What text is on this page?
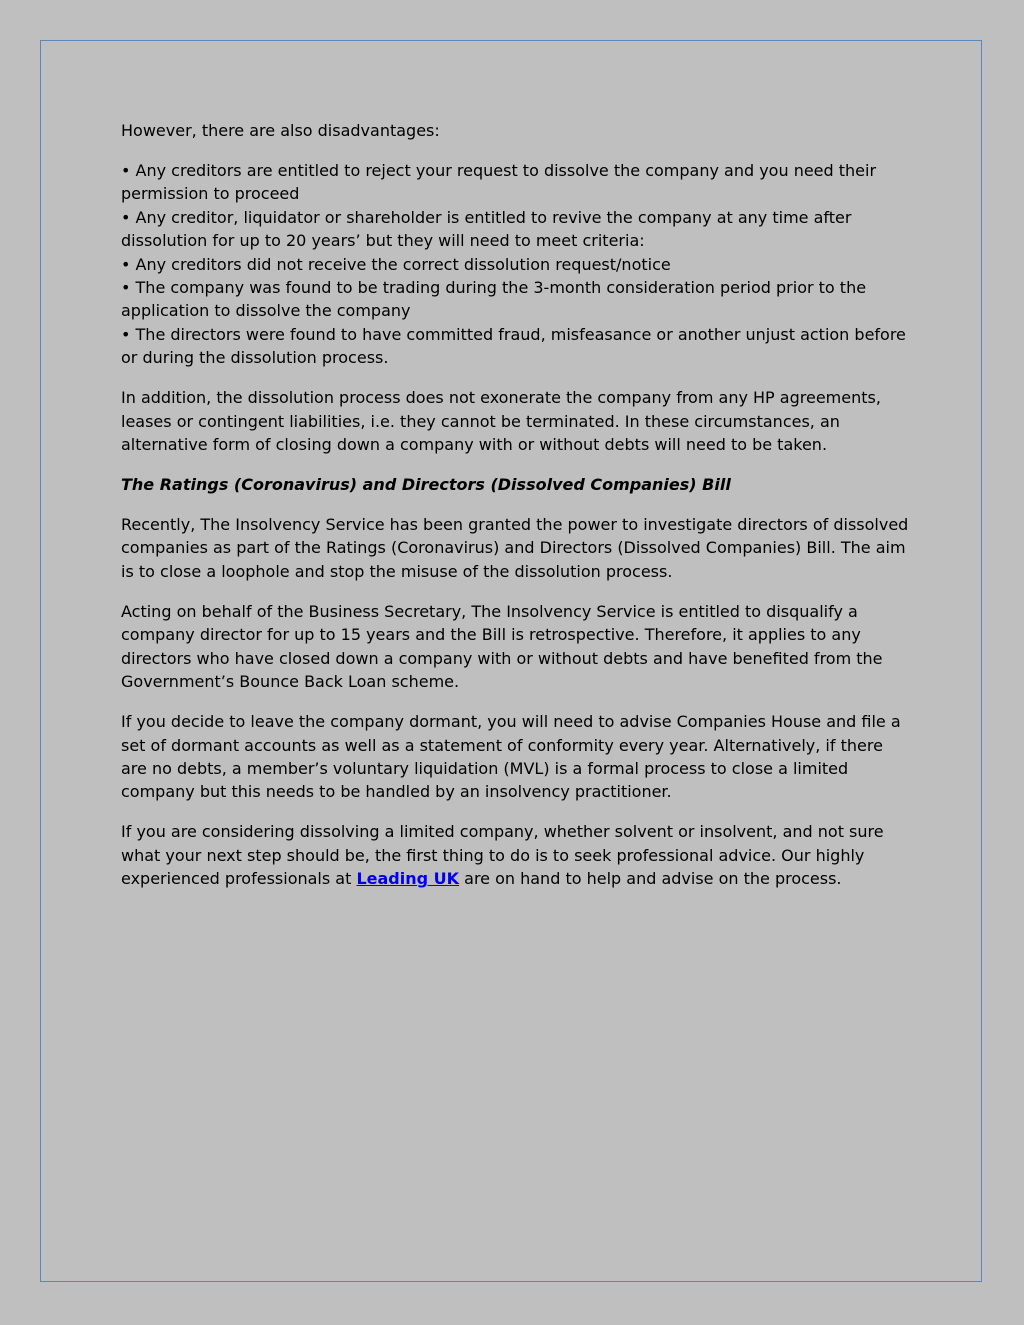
However, there are also disadvantages:

• Any creditors are entitled to reject your request to dissolve the company and you need their permission to proceed
• Any creditor, liquidator or shareholder is entitled to revive the company at any time after dissolution for up to 20 years’ but they will need to meet criteria:
• Any creditors did not receive the correct dissolution request/notice
• The company was found to be trading during the 3-month consideration period prior to the application to dissolve the company
• The directors were found to have committed fraud, misfeasance or another unjust action before or during the dissolution process.

In addition, the dissolution process does not exonerate the company from any HP agreements, leases or contingent liabilities, i.e. they cannot be terminated. In these circumstances, an alternative form of closing down a company with or without debts will need to be taken.

The Ratings (Coronavirus) and Directors (Dissolved Companies) Bill

Recently, The Insolvency Service has been granted the power to investigate directors of dissolved companies as part of the Ratings (Coronavirus) and Directors (Dissolved Companies) Bill. The aim is to close a loophole and stop the misuse of the dissolution process.

Acting on behalf of the Business Secretary, The Insolvency Service is entitled to disqualify a company director for up to 15 years and the Bill is retrospective. Therefore, it applies to any directors who have closed down a company with or without debts and have benefited from the Government’s Bounce Back Loan scheme.

If you decide to leave the company dormant, you will need to advise Companies House and file a set of dormant accounts as well as a statement of conformity every year. Alternatively, if there are no debts, a member’s voluntary liquidation (MVL) is a formal process to close a limited company but this needs to be handled by an insolvency practitioner.

If you are considering dissolving a limited company, whether solvent or insolvent, and not sure what your next step should be, the first thing to do is to seek professional advice. Our highly experienced professionals at Leading UK are on hand to help and advise on the process.
